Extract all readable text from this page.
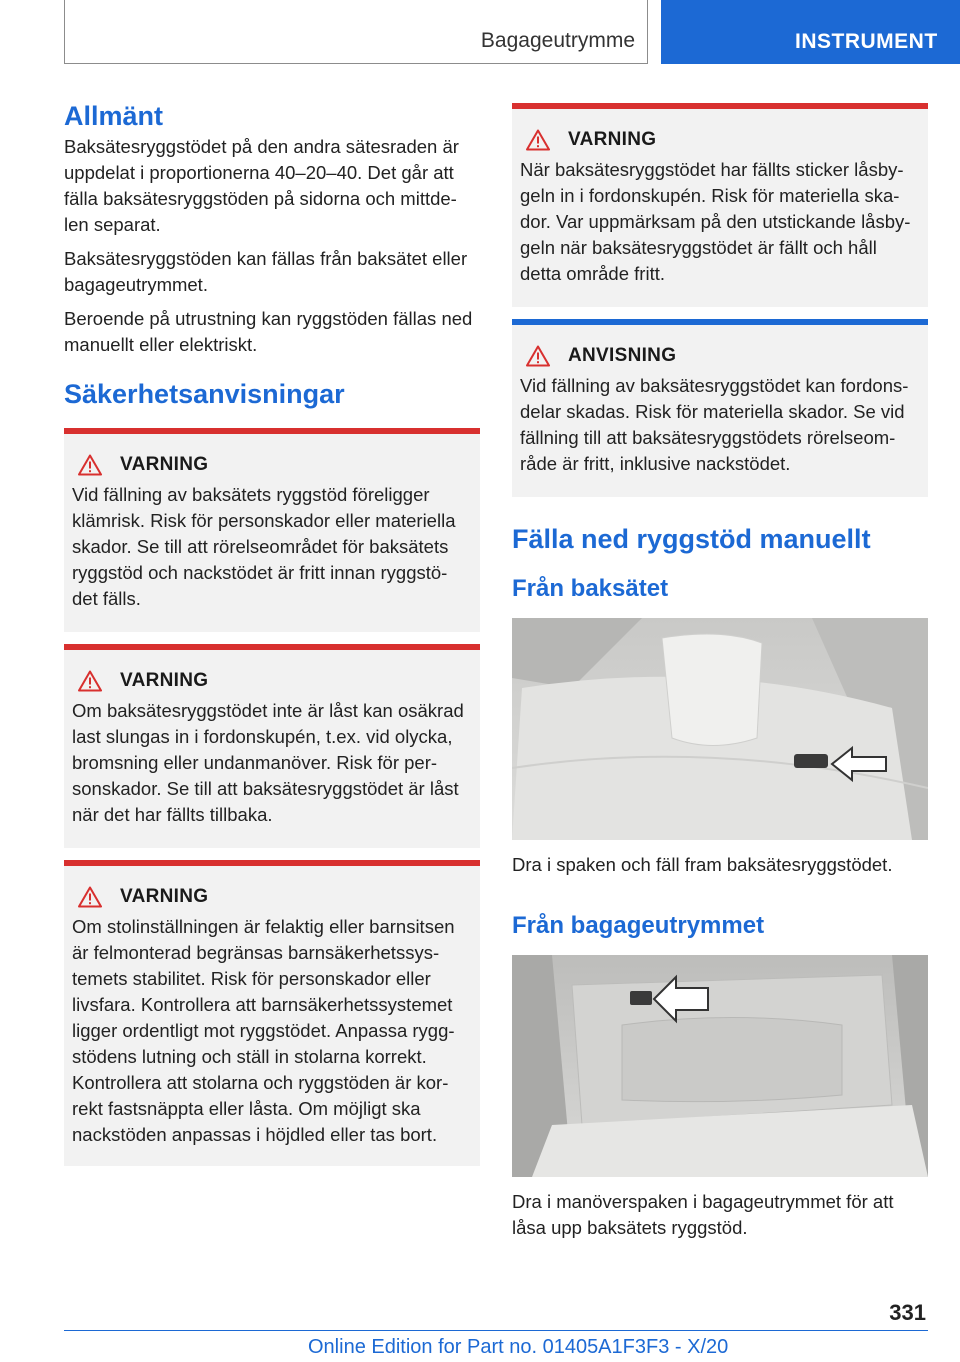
Bagageutrymme	INSTRUMENT
Allmänt

Baksätesryggstödet på den andra sätesraden är uppdelat i proportionerna 40–20–40. Det går att fälla baksätesryggstöden på sidorna och mittde-len separat.

Baksätesryggstöden kan fällas från baksätet eller bagageutrymmet.

Beroende på utrustning kan ryggstöden fällas ned manuellt eller elektriskt.

Säkerhetsanvisningar
VARNING
Vid fällning av baksätets ryggstöd föreligger klämrisk. Risk för personskador eller materiella skador. Se till att rörelseområdet för baksätets ryggstöd och nackstödet är fritt innan ryggstö-det fälls.
VARNING
Om baksätesryggstödet inte är låst kan osäkrad last slungas in i fordonskupén, t.ex. vid olycka, bromsning eller undanmanöver. Risk för per-sonskador. Se till att baksätesryggstödet är låst när det har fällts tillbaka.
VARNING
Om stolinställningen är felaktig eller barnsitsen är felmonterad begränsas barnsäkerhetssys-temets stabilitet. Risk för personskador eller livsfara. Kontrollera att barnsäkerhetssystemet ligger ordentligt mot ryggstödet. Anpassa rygg-stödens lutning och ställ in stolarna korrekt. Kontrollera att stolarna och ryggstöden är kor-rekt fastsnäppta eller låsta. Om möjligt ska nackstöden anpassas i höjdled eller tas bort.
VARNING
När baksätesryggstödet har fällts sticker låsby-geln in i fordonskupén. Risk för materiella ska-dor. Var uppmärksam på den utstickande låsby-geln när baksätesryggstödet är fällt och håll detta område fritt.
ANVISNING
Vid fällning av baksätesryggstödet kan fordons-delar skadas. Risk för materiella skador. Se vid fällning till att baksätesryggstödets rörelseom-råde är fritt, inklusive nackstödet.
Fälla ned ryggstöd manuellt
Från baksätet

Dra i spaken och fäll fram baksätesryggstödet.

Från bagageutrymmet

Dra i manöverspaken i bagageutrymmet för att låsa upp baksätets ryggstöd.

331
Online Edition for Part no. 01405A1F3F3 - X/20
